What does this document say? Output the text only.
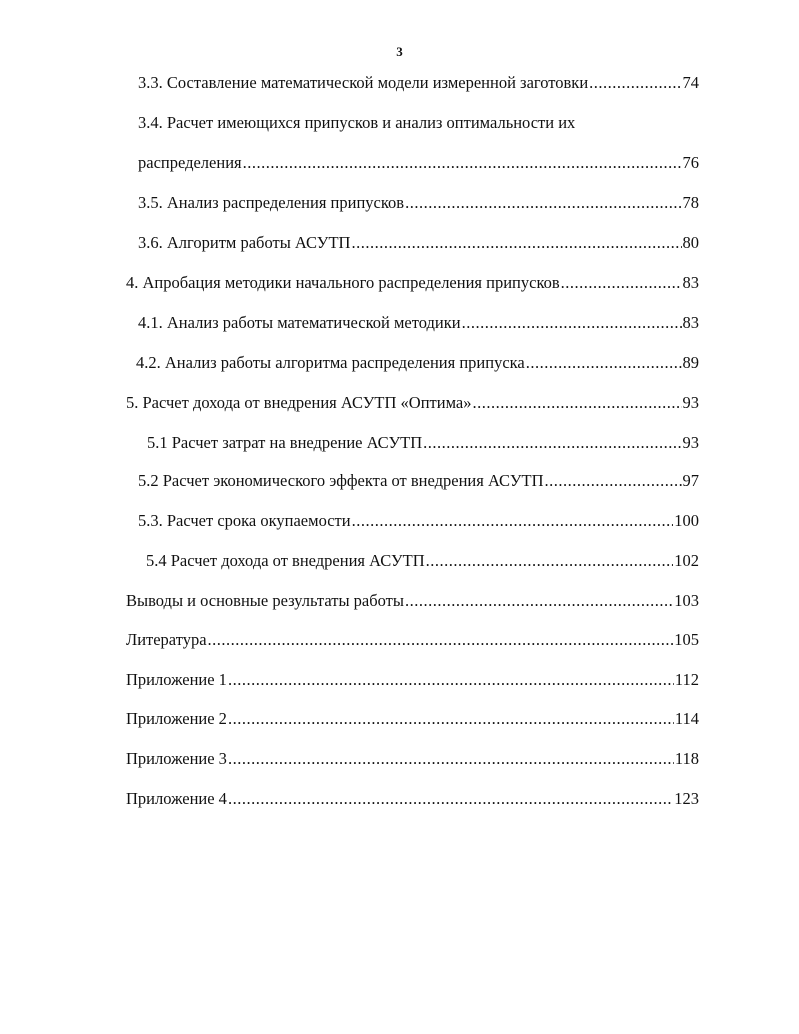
3
3.3. Составление математической модели измеренной заготовки .....	74
3.4. Расчет имеющихся припусков и анализ оптимальности их
распределения .....	76
3.5. Анализ распределения припусков .....	78
3.6. Алгоритм работы АСУТП .....	80
4. Апробация методики начального распределения припусков .....	83
4.1. Анализ работы математической методики .....	83
4.2. Анализ работы алгоритма распределения припуска .....	89
5. Расчет дохода от внедрения АСУТП «Оптима» .....	93
5.1 Расчет затрат на внедрение АСУТП .....	93
5.2 Расчет экономического эффекта от внедрения АСУТП .....	97
5.3. Расчет срока окупаемости .....	100
5.4 Расчет дохода от внедрения АСУТП .....	102
Выводы и основные результаты работы .....	103
Литература .....	105
Приложение 1 .....	112
Приложение 2 .....	114
Приложение 3 .....	118
Приложение 4 .....	123
